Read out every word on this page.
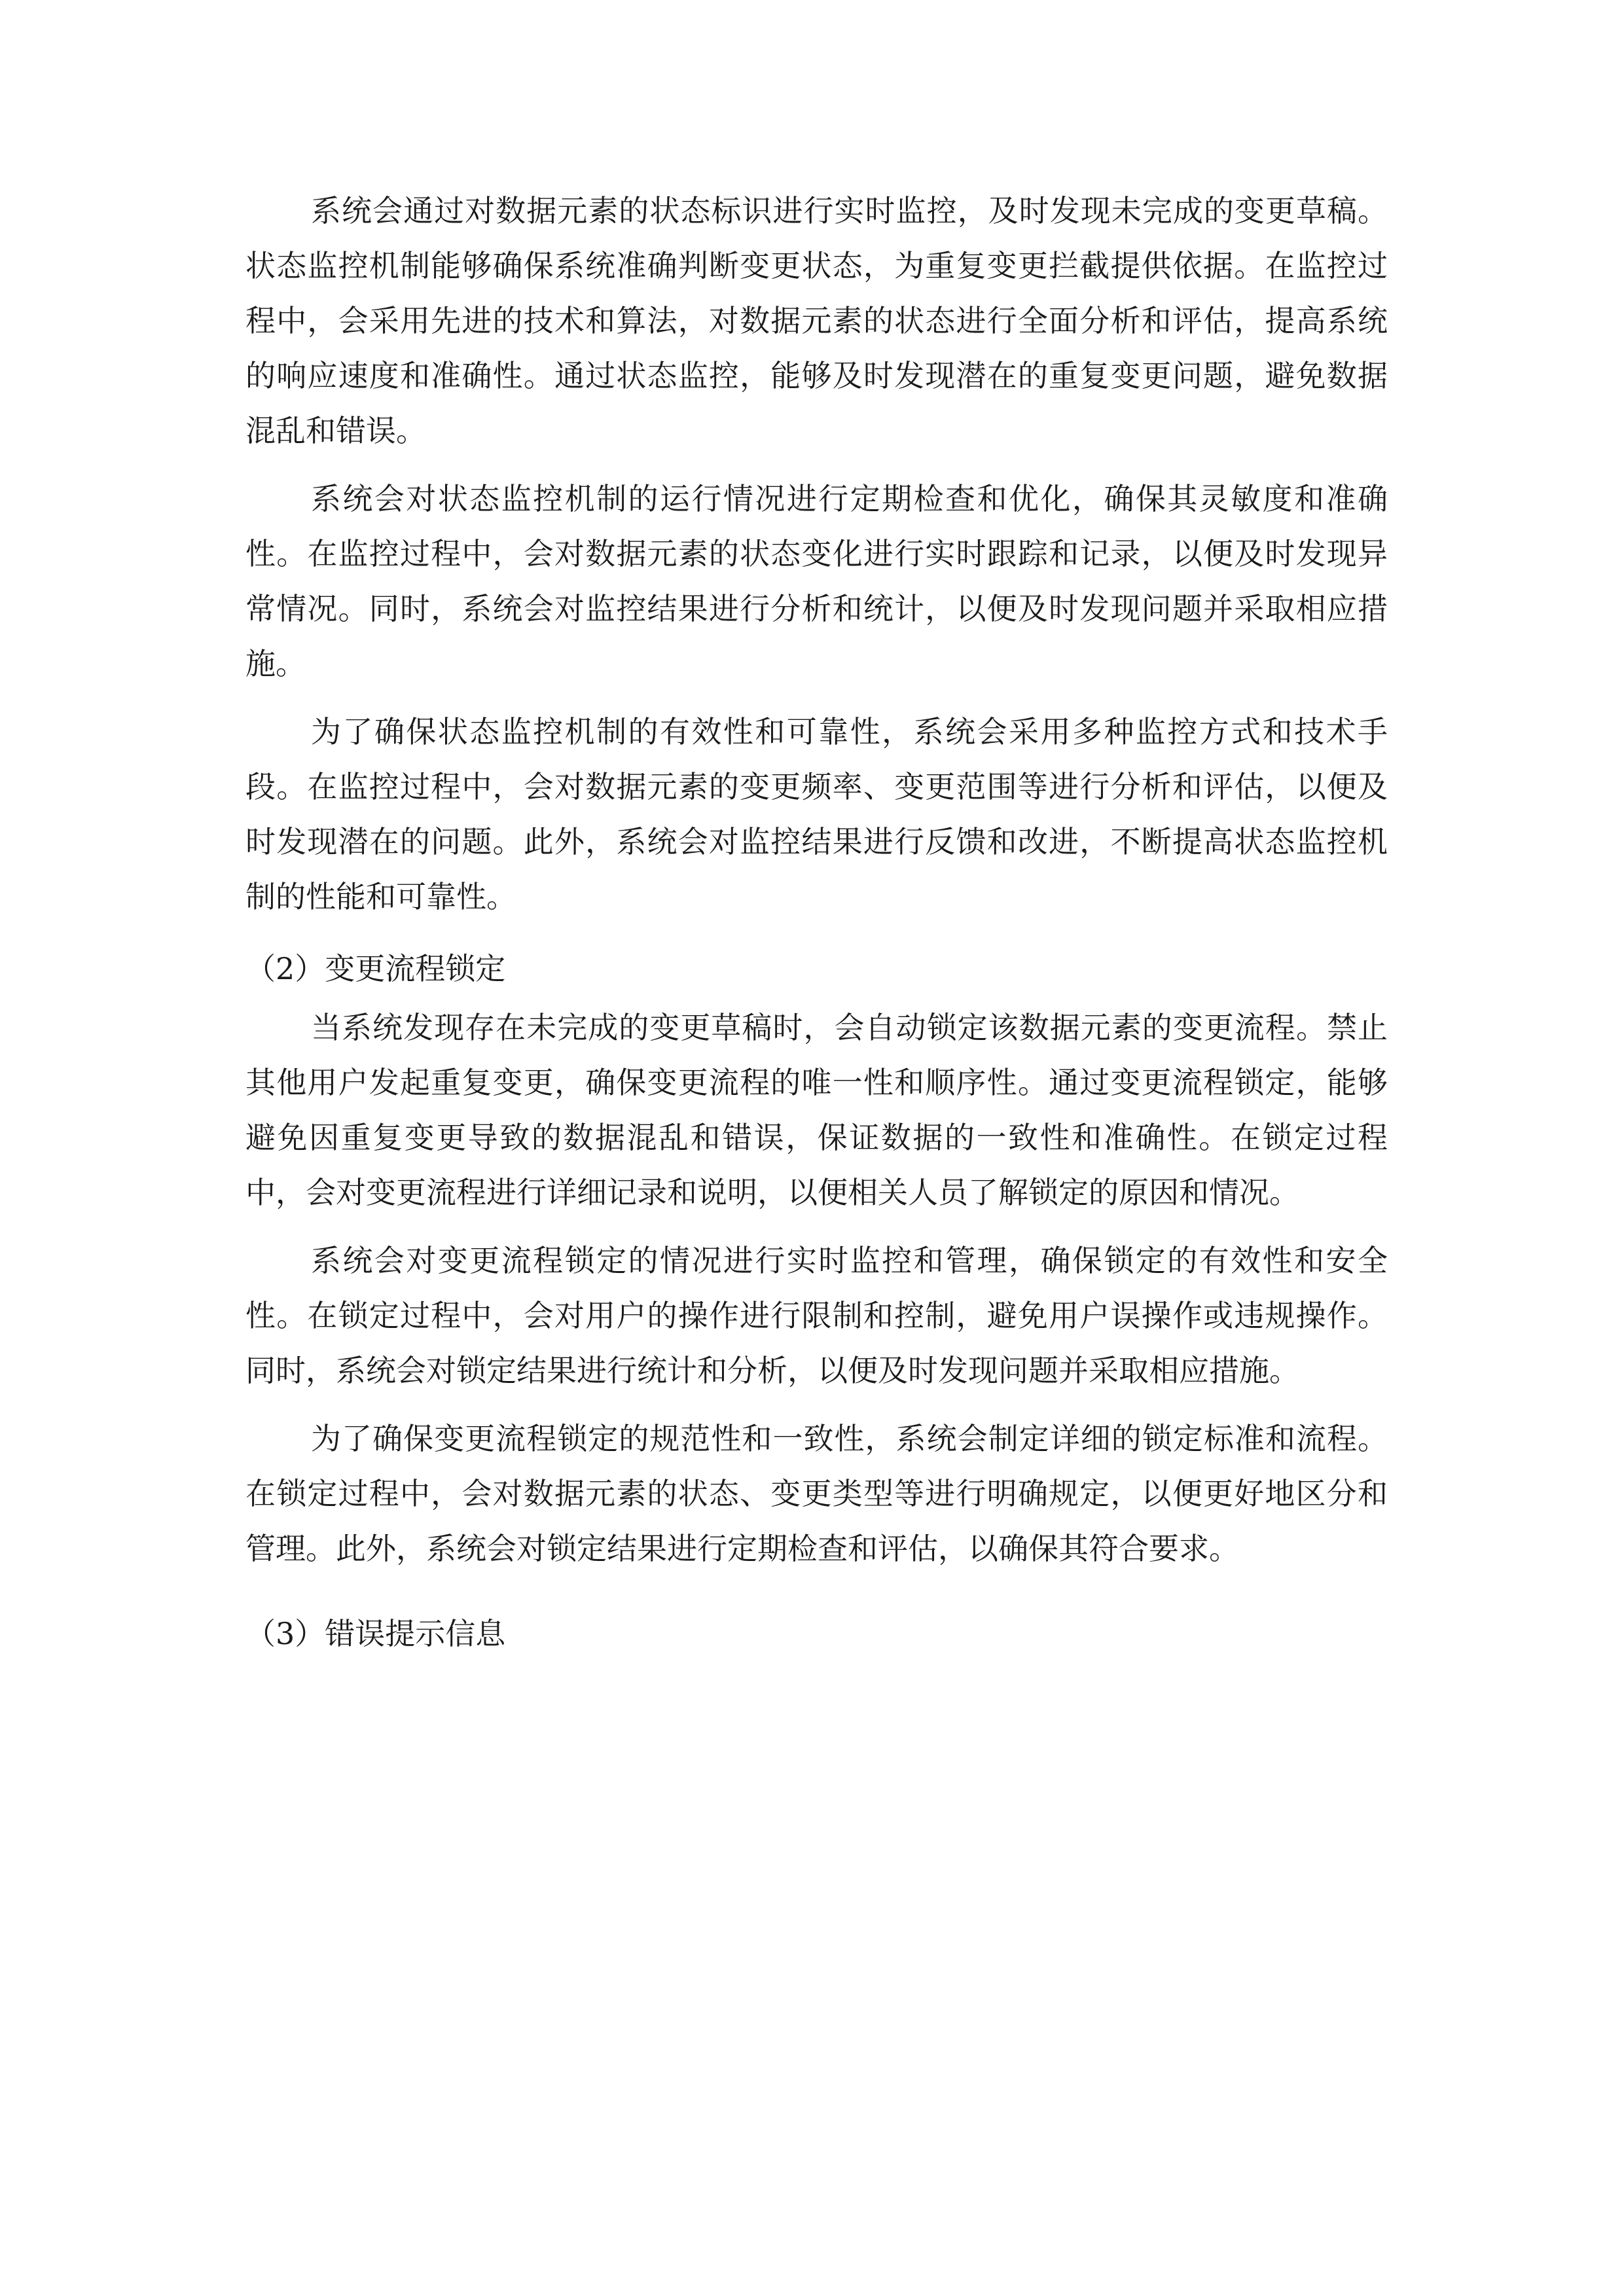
系统会通过对数据元素的状态标识进行实时监控，及时发现未完成的变更草稿。状态监控机制能够确保系统准确判断变更状态，为重复变更拦截提供依据。在监控过程中，会采用先进的技术和算法，对数据元素的状态进行全面分析和评估，提高系统的响应速度和准确性。通过状态监控，能够及时发现潜在的重复变更问题，避免数据混乱和错误。

系统会对状态监控机制的运行情况进行定期检查和优化，确保其灵敏度和准确性。在监控过程中，会对数据元素的状态变化进行实时跟踪和记录，以便及时发现异常情况。同时，系统会对监控结果进行分析和统计，以便及时发现问题并采取相应措施。

为了确保状态监控机制的有效性和可靠性，系统会采用多种监控方式和技术手段。在监控过程中，会对数据元素的变更频率、变更范围等进行分析和评估，以便及时发现潜在的问题。此外，系统会对监控结果进行反馈和改进，不断提高状态监控机制的性能和可靠性。

（2）变更流程锁定

当系统发现存在未完成的变更草稿时，会自动锁定该数据元素的变更流程。禁止其他用户发起重复变更，确保变更流程的唯一性和顺序性。通过变更流程锁定，能够避免因重复变更导致的数据混乱和错误，保证数据的一致性和准确性。在锁定过程中，会对变更流程进行详细记录和说明，以便相关人员了解锁定的原因和情况。

系统会对变更流程锁定的情况进行实时监控和管理，确保锁定的有效性和安全性。在锁定过程中，会对用户的操作进行限制和控制，避免用户误操作或违规操作。同时，系统会对锁定结果进行统计和分析，以便及时发现问题并采取相应措施。

为了确保变更流程锁定的规范性和一致性，系统会制定详细的锁定标准和流程。在锁定过程中，会对数据元素的状态、变更类型等进行明确规定，以便更好地区分和管理。此外，系统会对锁定结果进行定期检查和评估，以确保其符合要求。

（3）错误提示信息
